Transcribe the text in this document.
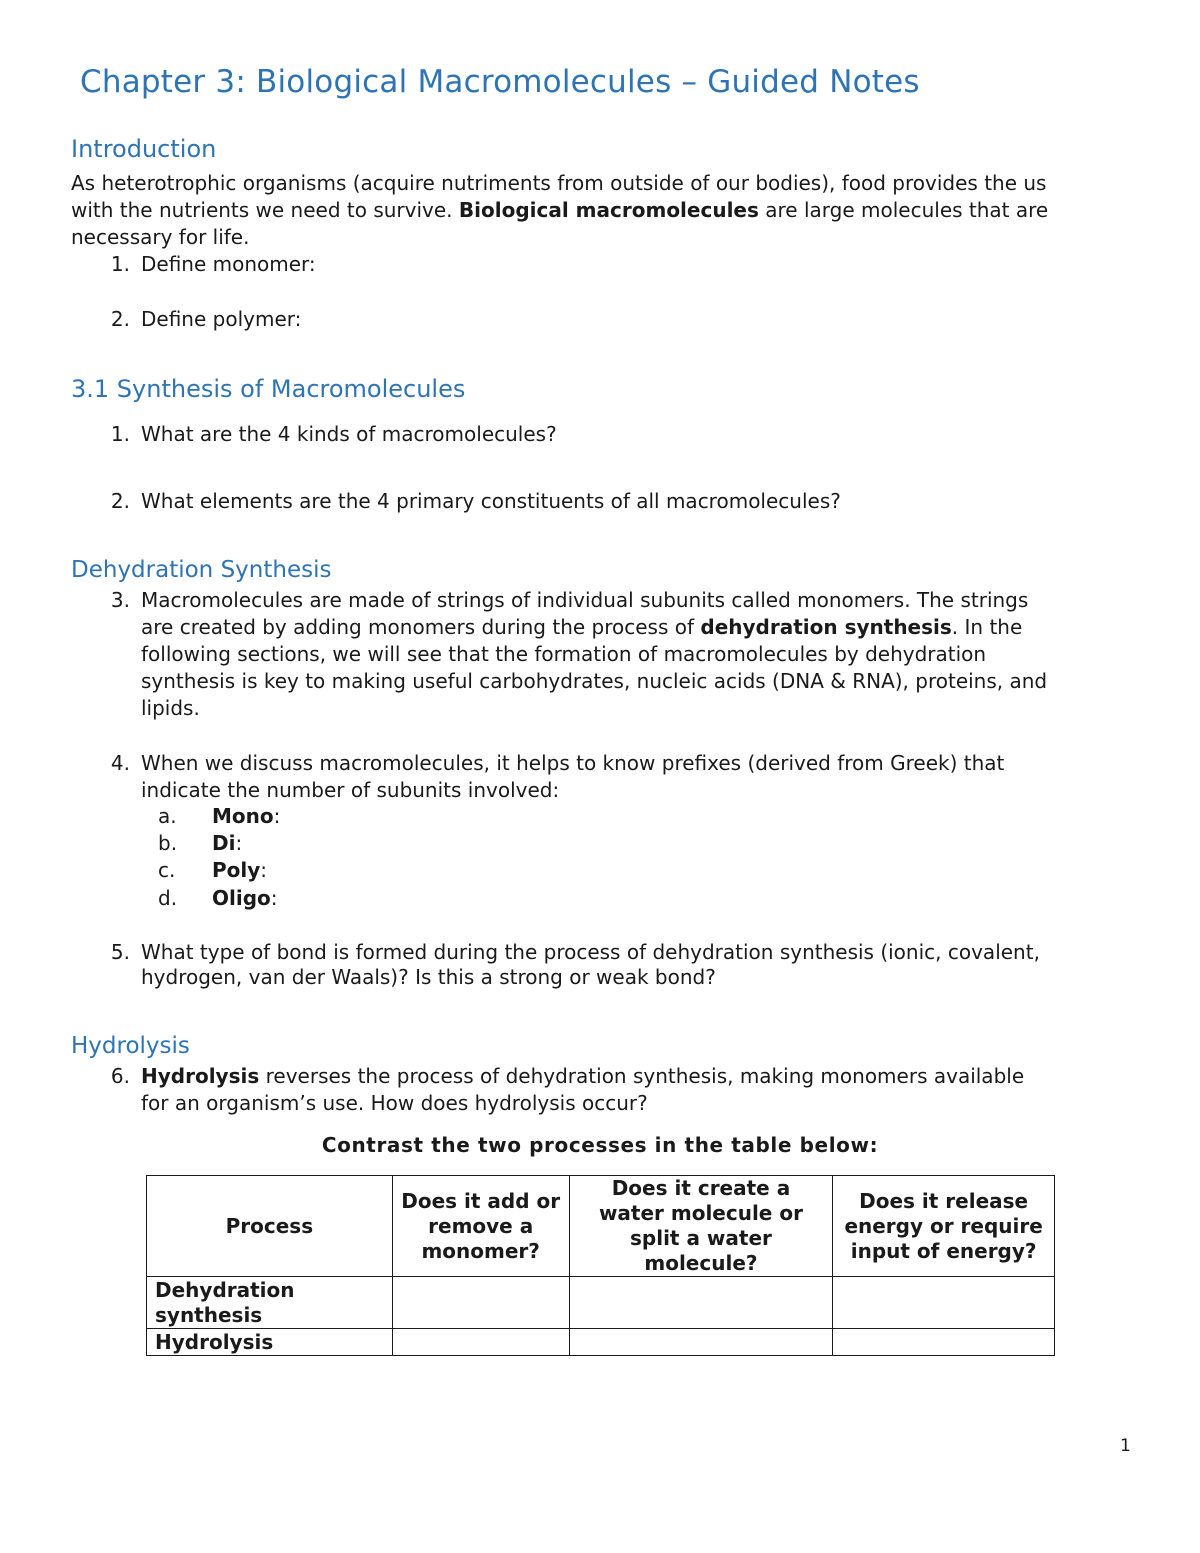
Chapter 3: Biological Macromolecules – Guided Notes
Introduction

As heterotrophic organisms (acquire nutriments from outside of our bodies), food provides the us

with the nutrients we need to survive. Biological macromolecules are large molecules that are

necessary for life.

1. Define monomer:
2. Define polymer:
3.1 Synthesis of Macromolecules
1. What are the 4 kinds of macromolecules?
2. What elements are the 4 primary constituents of all macromolecules?
Dehydration Synthesis
3. Macromolecules are made of strings of individual subunits called monomers. The strings

are created by adding monomers during the process of dehydration synthesis. In the

following sections, we will see that the formation of macromolecules by dehydration

synthesis is key to making useful carbohydrates, nucleic acids (DNA & RNA), proteins, and

lipids.

4. When we discuss macromolecules, it helps to know prefixes (derived from Greek) that

indicate the number of subunits involved:

a. Mono:
b. Di:
c. Poly:
d. Oligo:
5. What type of bond is formed during the process of dehydration synthesis (ionic, covalent,

hydrogen, van der Waals)? Is this a strong or weak bond?

Hydrolysis
6. Hydrolysis reverses the process of dehydration synthesis, making monomers available

for an organism’s use. How does hydrolysis occur?

Contrast the two processes in the table below:

Process	Does it add or remove a monomer?	Does it create a water molecule or split a water molecule?	Does it release energy or require input of energy?
Dehydration synthesis			
Hydrolysis			
1
